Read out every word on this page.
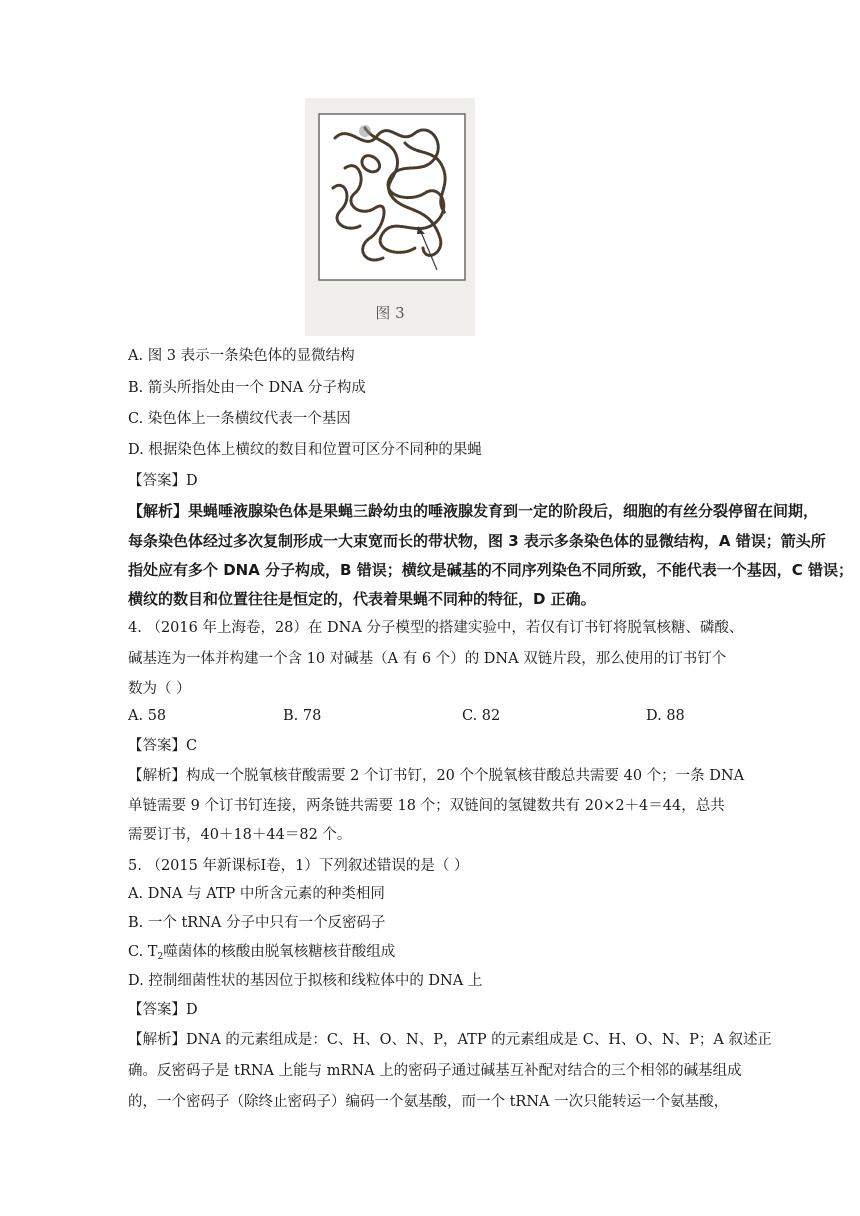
图 3
A. 图 3 表示一条染色体的显微结构
B. 箭头所指处由一个 DNA 分子构成
C. 染色体上一条横纹代表一个基因
D. 根据染色体上横纹的数目和位置可区分不同种的果蝇
【答案】D
【解析】果蝇唾液腺染色体是果蝇三龄幼虫的唾液腺发育到一定的阶段后，细胞的有丝分裂停留在间期，
每条染色体经过多次复制形成一大束宽而长的带状物，图 3 表示多条染色体的显微结构，A 错误；箭头所
指处应有多个 DNA 分子构成，B 错误；横纹是碱基的不同序列染色不同所致，不能代表一个基因，C 错误；
横纹的数目和位置往往是恒定的，代表着果蝇不同种的特征，D 正确。
4. （2016 年上海卷，28）在 DNA 分子模型的搭建实验中，若仅有订书钉将脱氧核糖、磷酸、
碱基连为一体并构建一个含 10 对碱基（A 有 6 个）的 DNA 双链片段，那么使用的订书钉个
数为（ ）
A. 58	B. 78	C. 82	D. 88
【答案】C
【解析】构成一个脱氧核苷酸需要 2 个订书钉，20 个个脱氧核苷酸总共需要 40 个；一条 DNA
单链需要 9 个订书钉连接，两条链共需要 18 个；双链间的氢键数共有 20×2＋4＝44，总共
需要订书，40＋18＋44＝82 个。
5. （2015 年新课标Ⅰ卷，1）下列叙述错误的是（ ）
A. DNA 与 ATP 中所含元素的种类相同
B. 一个 tRNA 分子中只有一个反密码子
C. $T_2$噬菌体的核酸由脱氧核糖核苷酸组成
D. 控制细菌性状的基因位于拟核和线粒体中的 DNA 上
【答案】D
【解析】DNA 的元素组成是：C、H、O、N、P，ATP 的元素组成是 C、H、O、N、P；A 叙述正
确。反密码子是 tRNA 上能与 mRNA 上的密码子通过碱基互补配对结合的三个相邻的碱基组成
的，一个密码子（除终止密码子）编码一个氨基酸，而一个 tRNA 一次只能转运一个氨基酸，
